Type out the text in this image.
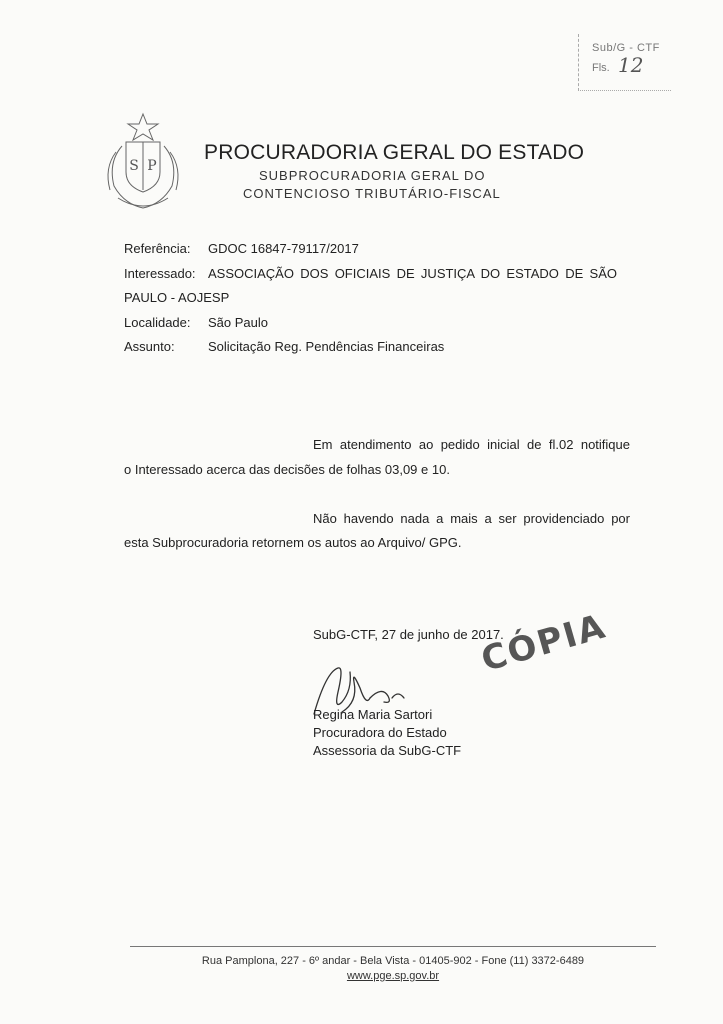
Sub/G - CTF
Fls. 12
S P
PROCURADORIA GERAL DO ESTADO
SUBPROCURADORIA GERAL DO
CONTENCIOSO TRIBUTÁRIO-FISCAL
Referência: GDOC 16847-79117/2017
Interessado: ASSOCIAÇÃO DOS OFICIAIS DE JUSTIÇA DO ESTADO DE SÃO
PAULO - AOJESP
Localidade: São Paulo
Assunto:	Solicitação Reg. Pendências Financeiras
Em atendimento ao pedido inicial de fl.02 notifique
o Interessado acerca das decisões de folhas 03,09 e 10.
Não havendo nada a mais a ser providenciado por
esta Subprocuradoria retornem os autos ao Arquivo/ GPG.
SubG-CTF, 27 de junho de 2017.
CÓPIA
Regina Maria Sartori
Procuradora do Estado
Assessoria da SubG-CTF
Rua Pamplona, 227 - 6º andar - Bela Vista - 01405-902 - Fone (11) 3372-6489
www.pge.sp.gov.br
